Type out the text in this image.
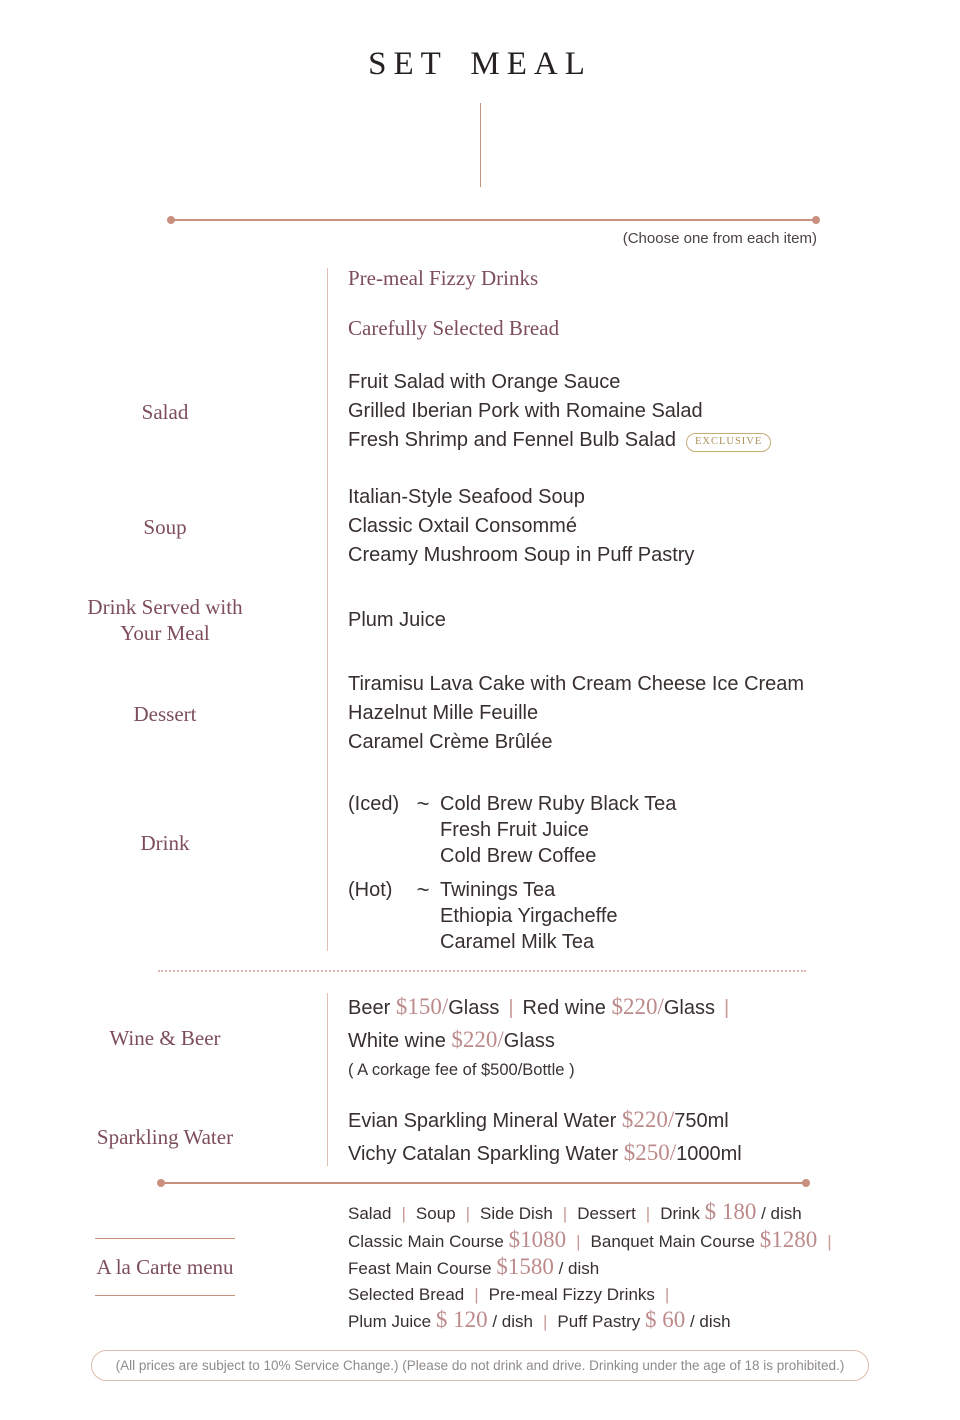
SET MEAL
(Choose one from each item)
Pre-meal Fizzy Drinks
Carefully Selected Bread
Salad
Fruit Salad with Orange Sauce
Grilled Iberian Pork with Romaine Salad
Fresh Shrimp and Fennel Bulb Salad EXCLUSIVE
Soup
Italian-Style Seafood Soup
Classic Oxtail Consommé
Creamy Mushroom Soup in Puff Pastry
Drink Served with
Your Meal
Plum Juice
Dessert
Tiramisu Lava Cake with Cream Cheese Ice Cream
Hazelnut Mille Feuille
Caramel Crème Brûlée
Drink
(Iced) ~ Cold Brew Ruby Black Tea
Fresh Fruit Juice
Cold Brew Coffee
(Hot)	~ Twinings Tea
Ethiopia Yirgacheffe
Caramel Milk Tea
Wine & Beer
Beer $150/Glass | Red wine $220/Glass |
White wine $220/Glass
( A corkage fee of $500/Bottle )
Sparkling Water
Evian Sparkling Mineral Water $220/750ml
Vichy Catalan Sparkling Water $250/1000ml
A la Carte menu
Salad | Soup | Side Dish | Dessert | Drink $ 180 / dish
Classic Main Course $1080 | Banquet Main Course $1280 |
Feast Main Course $1580 / dish
Selected Bread | Pre-meal Fizzy Drinks |
Plum Juice $ 120 / dish | Puff Pastry $ 60 / dish
(All prices are subject to 10% Service Change.) (Please do not drink and drive. Drinking under the age of 18 is prohibited.)
